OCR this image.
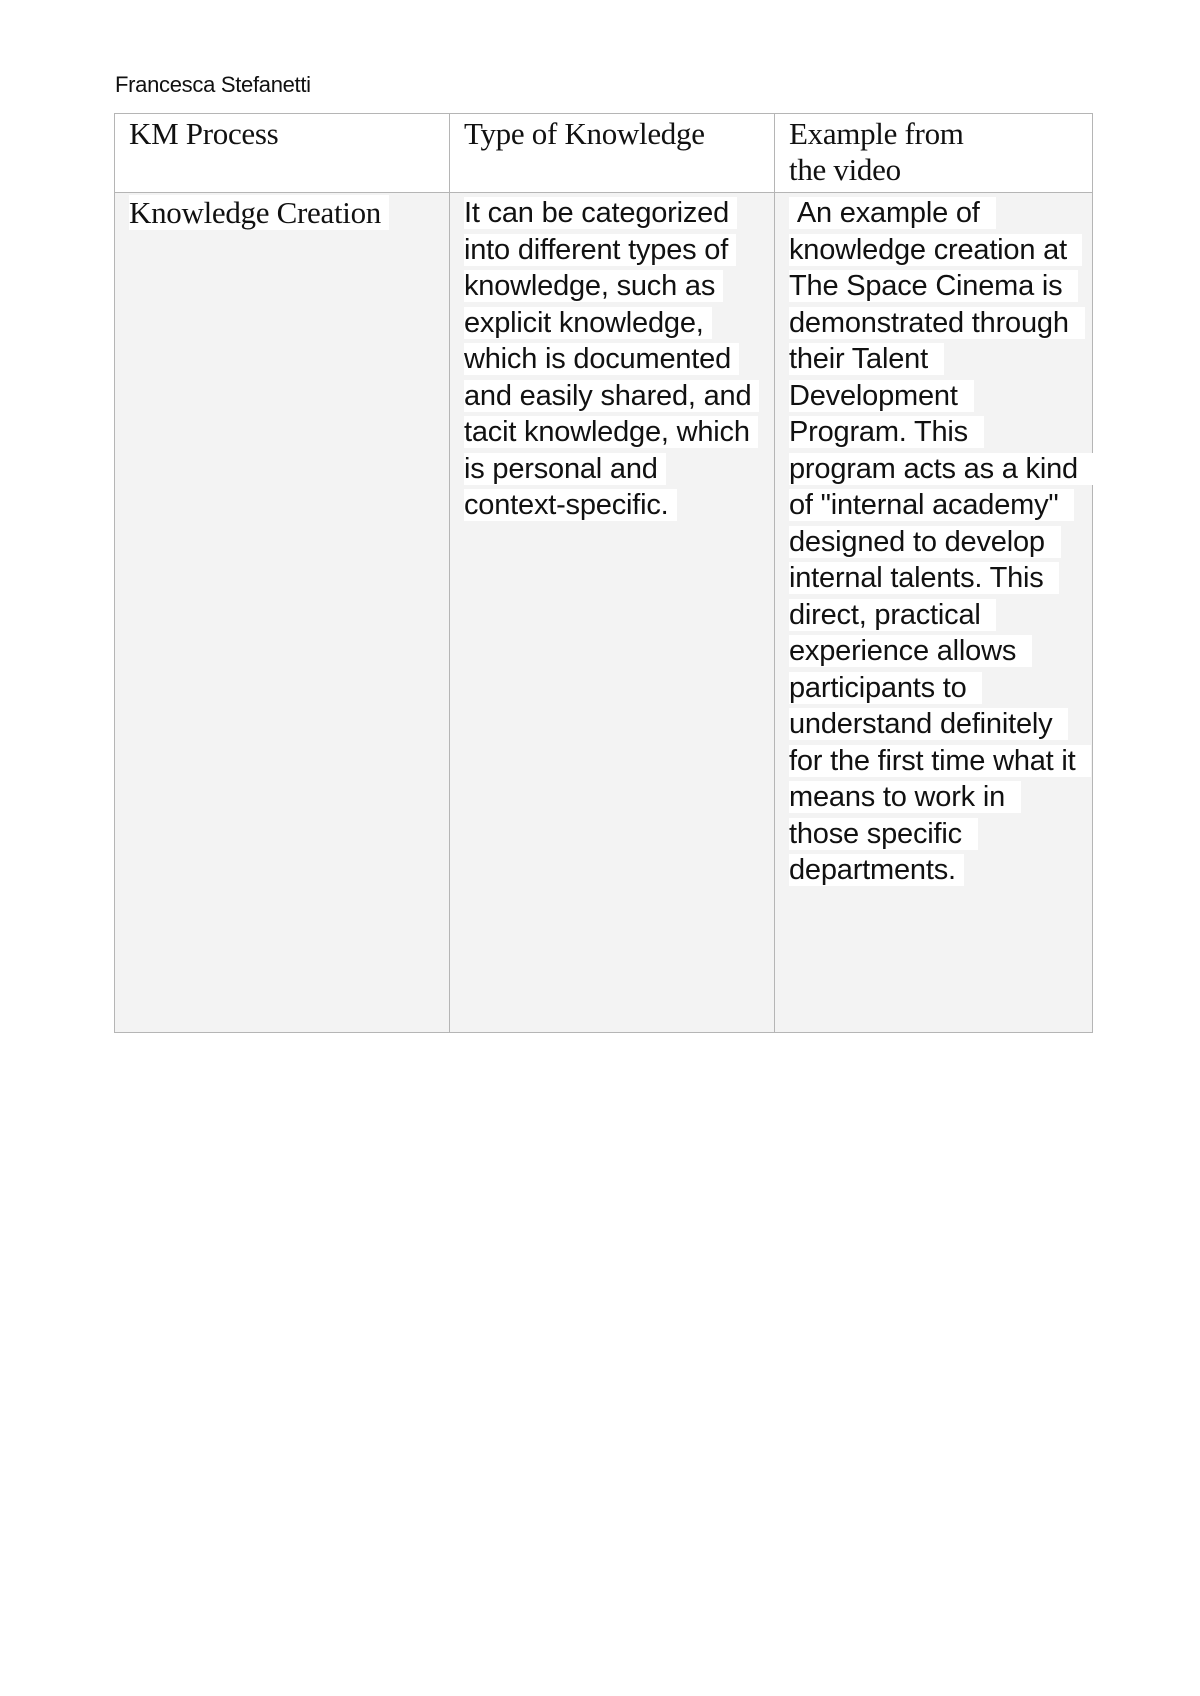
Francesca Stefanetti
KM Process	Type of Knowledge	Example from the video
Knowledge Creation	It can be categorized into different types of knowledge, such as explicit knowledge, which is documented and easily shared, and tacit knowledge, which is personal and context-specific.	An example of knowledge creation at The Space Cinema is demonstrated through their Talent Development Program. This program acts as a kind of "internal academy" designed to develop internal talents. This direct, practical experience allows participants to understand definitely for the first time what it means to work in those specific departments.
